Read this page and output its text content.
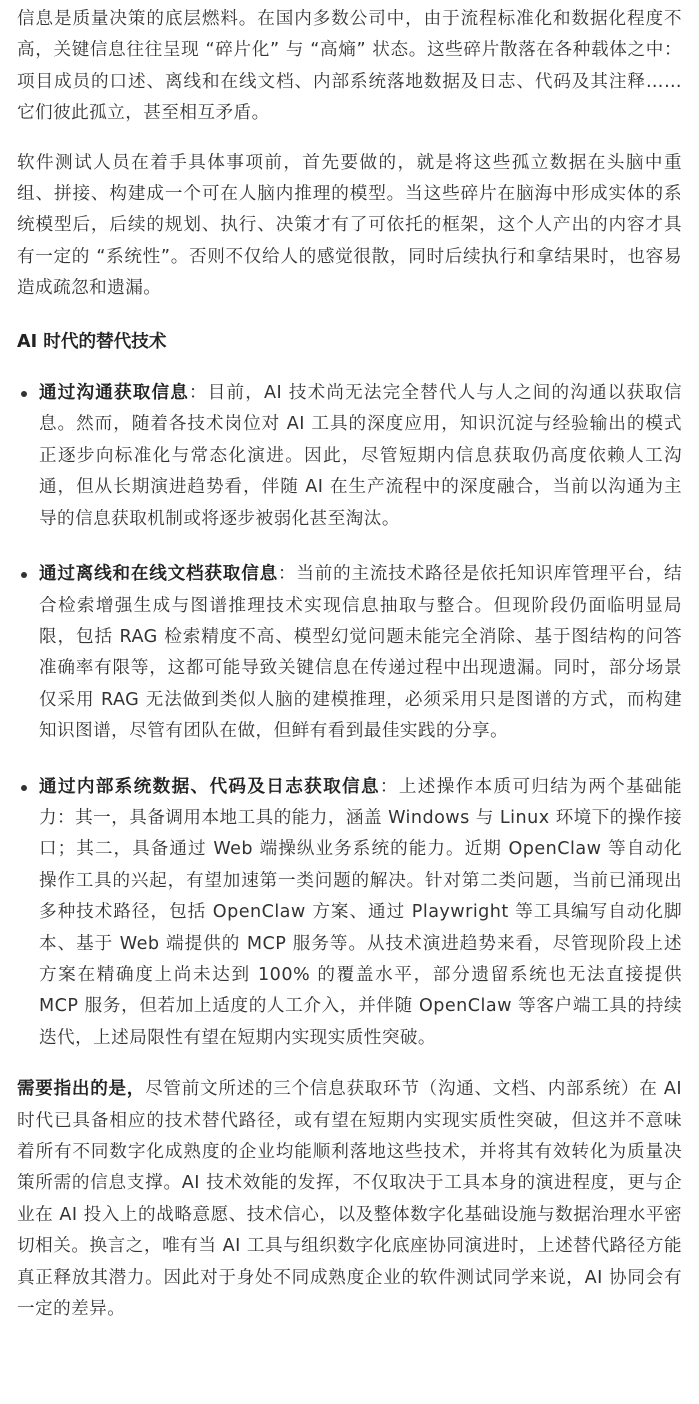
信息是质量决策的底层燃料。在国内多数公司中，由于流程标准化和数据化程度不高，关键信息往往呈现 “碎片化” 与 “高熵” 状态。这些碎片散落在各种载体之中：项目成员的口述、离线和在线文档、内部系统落地数据及日志、代码及其注释……它们彼此孤立，甚至相互矛盾。

软件测试人员在着手具体事项前，首先要做的，就是将这些孤立数据在头脑中重组、拼接、构建成一个可在人脑内推理的模型。当这些碎片在脑海中形成实体的系统模型后，后续的规划、执行、决策才有了可依托的框架，这个人产出的内容才具有一定的 “系统性”。否则不仅给人的感觉很散，同时后续执行和拿结果时，也容易造成疏忽和遗漏。

AI 时代的替代技术
通过沟通获取信息：目前，AI 技术尚无法完全替代人与人之间的沟通以获取信息。然而，随着各技术岗位对 AI 工具的深度应用，知识沉淀与经验输出的模式正逐步向标准化与常态化演进。因此，尽管短期内信息获取仍高度依赖人工沟通，但从长期演进趋势看，伴随 AI 在生产流程中的深度融合，当前以沟通为主导的信息获取机制或将逐步被弱化甚至淘汰。
通过离线和在线文档获取信息：当前的主流技术路径是依托知识库管理平台，结合检索增强生成与图谱推理技术实现信息抽取与整合。但现阶段仍面临明显局限，包括 RAG 检索精度不高、模型幻觉问题未能完全消除、基于图结构的问答准确率有限等，这都可能导致关键信息在传递过程中出现遗漏。同时，部分场景仅采用 RAG 无法做到类似人脑的建模推理，必须采用只是图谱的方式，而构建知识图谱，尽管有团队在做，但鲜有看到最佳实践的分享。
通过内部系统数据、代码及日志获取信息：上述操作本质可归结为两个基础能力：其一，具备调用本地工具的能力，涵盖 Windows 与 Linux 环境下的操作接口；其二，具备通过 Web 端操纵业务系统的能力。近期 OpenClaw 等自动化操作工具的兴起，有望加速第一类问题的解决。针对第二类问题，当前已涌现出多种技术路径，包括 OpenClaw 方案、通过 Playwright 等工具编写自动化脚本、基于 Web 端提供的 MCP 服务等。从技术演进趋势来看，尽管现阶段上述方案在精确度上尚未达到 100% 的覆盖水平，部分遗留系统也无法直接提供 MCP 服务，但若加上适度的人工介入，并伴随 OpenClaw 等客户端工具的持续迭代，上述局限性有望在短期内实现实质性突破。

需要指出的是，尽管前文所述的三个信息获取环节（沟通、文档、内部系统）在 AI 时代已具备相应的技术替代路径，或有望在短期内实现实质性突破，但这并不意味着所有不同数字化成熟度的企业均能顺利落地这些技术，并将其有效转化为质量决策所需的信息支撑。AI 技术效能的发挥，不仅取决于工具本身的演进程度，更与企业在 AI 投入上的战略意愿、技术信心，以及整体数字化基础设施与数据治理水平密切相关。换言之，唯有当 AI 工具与组织数字化底座协同演进时，上述替代路径方能真正释放其潜力。因此对于身处不同成熟度企业的软件测试同学来说，AI 协同会有一定的差异。
